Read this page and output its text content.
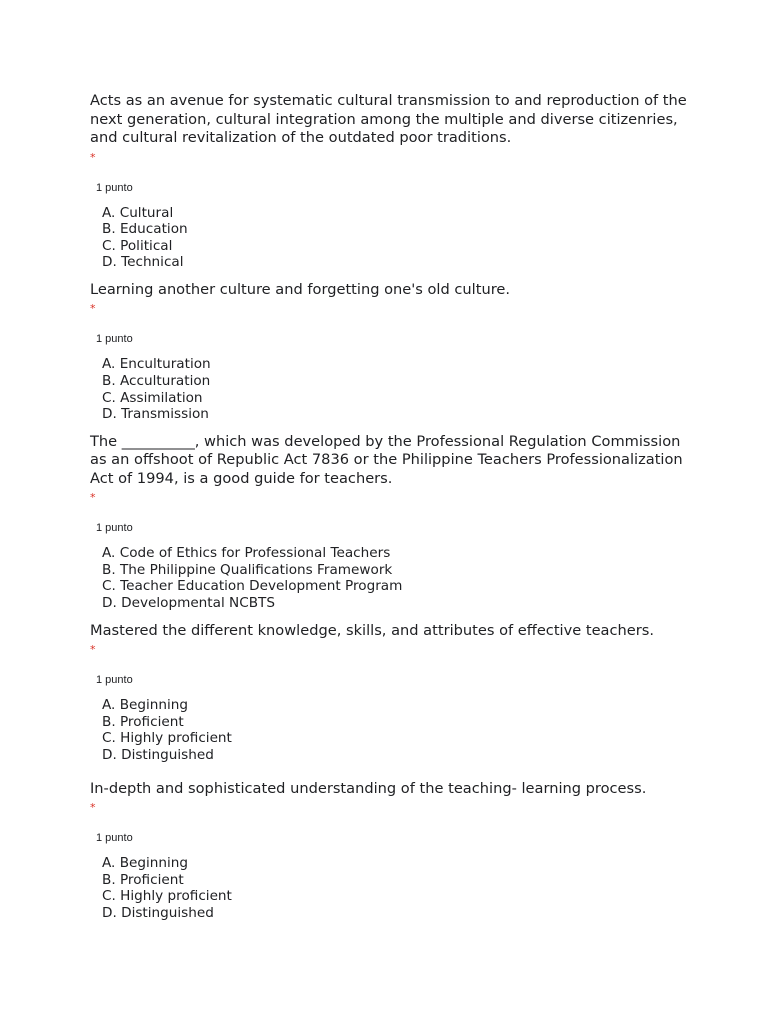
Acts as an avenue for systematic cultural transmission to and reproduction of the next generation, cultural integration among the multiple and diverse citizenries, and cultural revitalization of the outdated poor traditions.

*
1 punto
A. Cultural
B. Education
C. Political
D. Technical

Learning another culture and forgetting one's old culture.

*
1 punto
A. Enculturation
B. Acculturation
C. Assimilation
D. Transmission

The __________, which was developed by the Professional Regulation Commission as an offshoot of Republic Act 7836 or the Philippine Teachers Professionalization Act of 1994, is a good guide for teachers.

*
1 punto
A. Code of Ethics for Professional Teachers
B. The Philippine Qualifications Framework
C. Teacher Education Development Program
D. Developmental NCBTS

Mastered the different knowledge, skills, and attributes of effective teachers.

*
1 punto
A. Beginning
B. Proficient
C. Highly proficient
D. Distinguished

In-depth and sophisticated understanding of the teaching- learning process.

*
1 punto
A. Beginning
B. Proficient
C. Highly proficient
D. Distinguished
